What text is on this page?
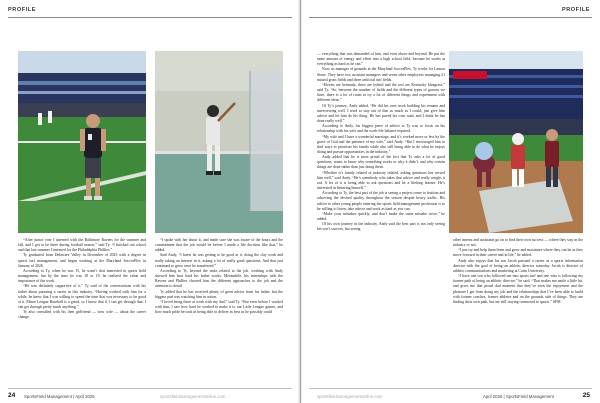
PROFILE

“After junior year I interned with the Baltimore Ravens for the summer and fall, and I got to be there during football season,” said Ty. “I finished out school and that last summer I interned for the Philadelphia Phillies.”

Ty graduated from Delaware Valley in December of 2025 with a degree in sports turf management, and began working at the Maryland SoccerPlex in January of 2026.

According to Ty, when he was 15, he wasn’t that interested in sports field management, but by the time he was 18 or 19, he realized the value and importance of the work.

“He was definitely supportive of it,” Ty said of the conversations with his father about pursuing a career in this industry. “Having worked with him for a while, he knew that I was willing to spend the time that was necessary to be good at it. Minor League Baseball is a grind, so I knew that if I can get through that, I can get through pretty much anything.”

Ty also consulted with his then girlfriend — now wife — about the career change.

“I spoke with her about it, and made sure she was aware of the hours and the commitment that the job would be before I made a life decision like that,” he added.

Said Andy, “I knew he was getting to be good at it, doing the clay work and really taking an interest in it, asking a lot of really good questions. And that just continued to grow once he transferred.”

According to Ty, beyond the tasks related to the job, working with Andy showed him how hard his father works. Meanwhile, his internships with the Ravens and Phillies showed him the different approaches to the job and the attention to detail.

Ty added that he has received plenty of great advice from his father, but the biggest part was watching him in action.

“I loved being there at work with my dad,” said Ty. “But even before I worked with him, I saw how hard he worked to make it to our Little League games, and how much pride he took in being able to deliver as best as he possibly could

24 SportsField Management | April 2026	sportsfieldmanagementonline.com
PROFILE

— everything that was demanded of him, and even above and beyond. He put the same amount of energy and effort into a high school field, because he works at everything as hard as he can.”

Now, as manager of grounds at the Maryland SoccerPlex, Ty works for Lamon Stone. They have two assistant managers and seven other employees managing 21 natural grass fields and three artificial turf fields.

“Eleven are bermuda, three are hybrid and the rest are Kentucky bluegrass,” said Ty. “So, between the number of fields and the different types of grasses we have, there is a lot of room to try a lot of different things and experiment with different ideas.”

Of Ty’s journey, Andy added, “He did his own work building his resume and interviewing well. I tried to stay out of that as much as I could; just give him advice and let him do his thing. He has paved his own road, and I think he has done really well.”

According to Andy, his biggest piece of advice to Ty was to focus on his relationship with his wife and the work-life balance required.

“My wife and I have a wonderful marriage, and it’s worked more or less by the grace of God and the patience of my wife,” said Andy. “But I encouraged him to find ways to prioritize his family while also still being able to do what he enjoys doing and pursue opportunities in the industry.”

Andy added that he is most proud of the fact that Ty asks a lot of good questions, wants to know why something works or why it didn’t, and why certain things are done rather than just doing them.

“Whether it’s family related or industry related, asking questions has served him well,” said Andy. “He’s somebody who takes that advice and really weighs it out. A lot of it is being able to ask questions and be a lifelong learner. He’s interested in bettering himself.”

According to Ty, the best part of the job is seeing a project come to fruition and achieving the desired quality throughout the season despite heavy traffic. His advice to other young people entering the sports field management profession is to be willing to listen, take advice and work as hard as you can.

“Make your mistakes quickly, and don’t make the same mistake twice,” he added.

Of his own journey in the industry, Andy said the best part is not only seeing his son’s success, but seeing

other interns and assistants go on to find their own success — where they stay in the industry or not.

“I just try and help them learn and grow and maximize where they can be as they move forward in their career and in life,” he added.

Andy also enjoys that his son Jacob pursued a career as a sports information director with the goal of being an athletic director someday. Jacob is director of athletic communications and marketing at Cairn University.

“I have one son who followed me into sports turf and one who is following my former path of being an athletic director,” he said. “That makes me smile a little bit, and gives me that proud dad moment that they’ve seen the enjoyment and the pleasure I get from doing my job and the relationships that I’ve been able to build with former coaches, former athletes and on the grounds side of things. They are finding their own path, but are still staying connected to sports.” SFM

sportsfieldmanagementonline.com	April 2026 | SportsField Management	25
